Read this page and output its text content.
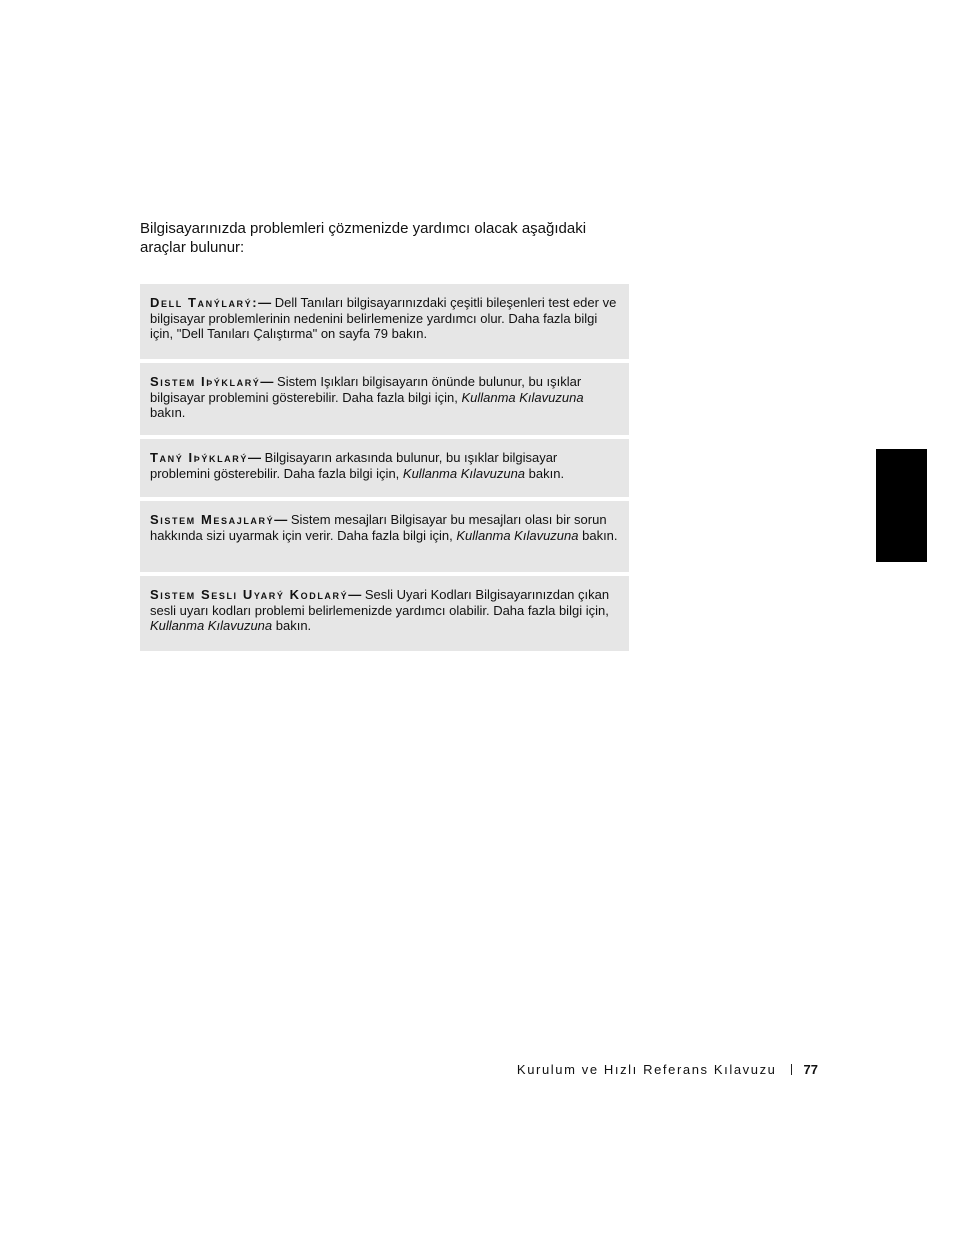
Bilgisayarınızda problemleri çözmenizde yardımcı olacak aşağıdaki araçlar bulunur:

Dell Tanýlarý:— Dell Tanıları bilgisayarınızdaki çeşitli bileşenleri test eder ve bilgisayar problemlerinin nedenini belirlemenize yardımcı olur. Daha fazla bilgi için, "Dell Tanıları Çalıştırma" on sayfa 79 bakın.
Sistem Iþýklarý— Sistem Işıkları bilgisayarın önünde bulunur, bu ışıklar bilgisayar problemini gösterebilir. Daha fazla bilgi için, Kullanma Kılavuzuna bakın.
Taný Iþýklarý— Bilgisayarın arkasında bulunur, bu ışıklar bilgisayar problemini gösterebilir. Daha fazla bilgi için, Kullanma Kılavuzuna bakın.
Sistem Mesajlarý— Sistem mesajları Bilgisayar bu mesajları olası bir sorun hakkında sizi uyarmak için verir. Daha fazla bilgi için, Kullanma Kılavuzuna bakın.
Sistem Sesli Uyarý Kodlarý— Sesli Uyari Kodları Bilgisayarınızdan çıkan sesli uyarı kodları problemi belirlemenizde yardımcı olabilir. Daha fazla bilgi için, Kullanma Kılavuzuna bakın.
Kurulum ve Hızlı Referans Kılavuzu 77
